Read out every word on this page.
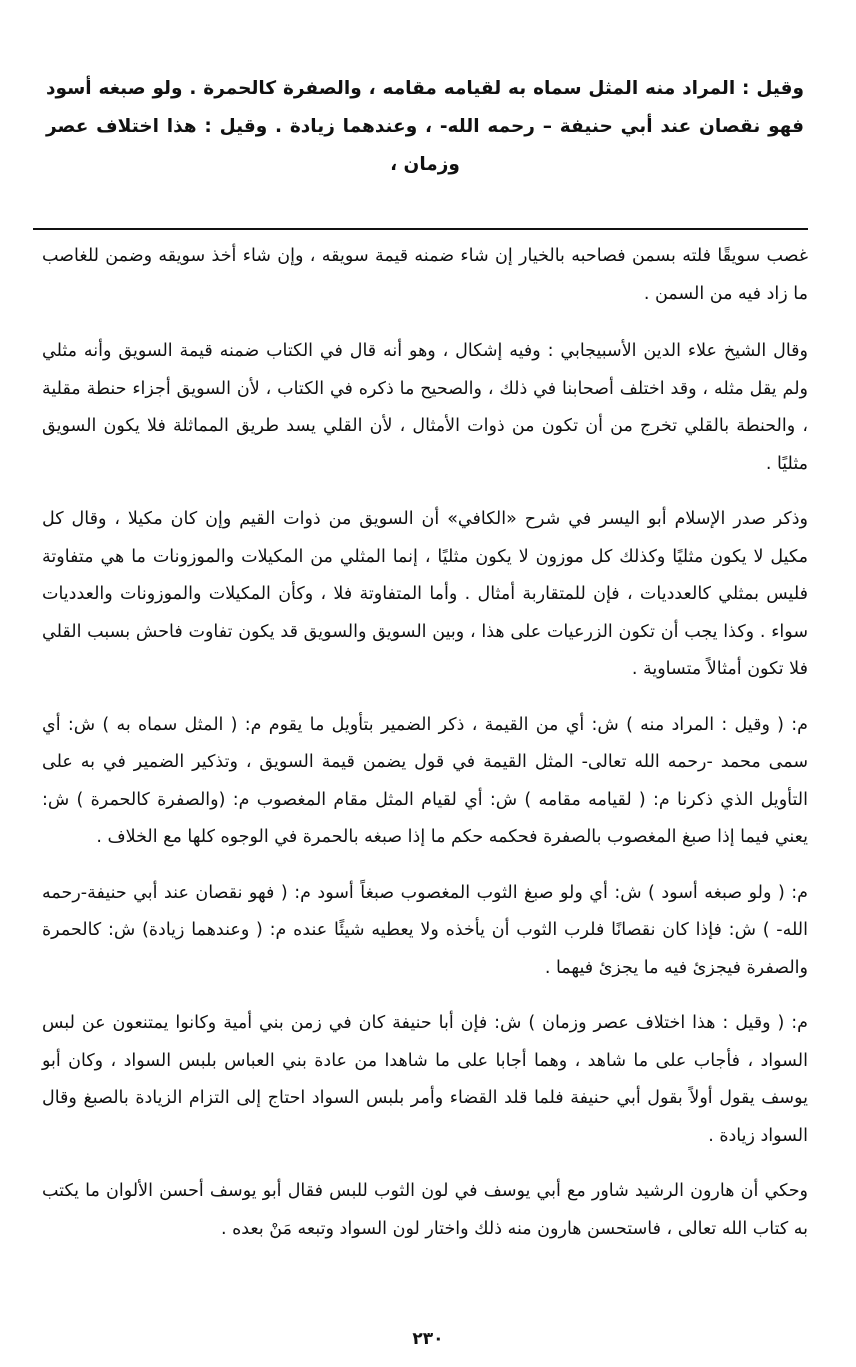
وقيل : المراد منه المثل سماه به لقيامه مقامه ، والصفرة كالحمرة . ولو صبغه أسود فهو نقصان عند أبي حنيفة – رحمه الله- ، وعندهما زيادة . وقيل : هذا اختلاف عصر وزمان ،

غصب سويقًا فلته بسمن فصاحبه بالخيار إن شاء ضمنه قيمة سويقه ، وإن شاء أخذ سويقه وضمن للغاصب ما زاد فيه من السمن .

وقال الشيخ علاء الدين الأسبيجابي : وفيه إشكال ، وهو أنه قال في الكتاب ضمنه قيمة السويق وأنه مثلي ولم يقل مثله ، وقد اختلف أصحابنا في ذلك ، والصحيح ما ذكره في الكتاب ، لأن السويق أجزاء حنطة مقلية ، والحنطة بالقلي تخرج من أن تكون من ذوات الأمثال ، لأن القلي يسد طريق المماثلة فلا يكون السويق مثليًا .

وذكر صدر الإسلام أبو اليسر في شرح «الكافي» أن السويق من ذوات القيم وإن كان مكيلا ، وقال كل مكيل لا يكون مثليًا وكذلك كل موزون لا يكون مثليًا ، إنما المثلي من المكيلات والموزونات ما هي متفاوتة فليس بمثلي كالعدديات ، فإن للمتقاربة أمثال . وأما المتفاوتة فلا ، وكأن المكيلات والموزونات والعدديات سواء . وكذا يجب أن تكون الزرعيات على هذا ، وبين السويق والسويق قد يكون تفاوت فاحش بسبب القلي فلا تكون أمثالاً متساوية .

م: ( وقيل : المراد منه ) ش: أي من القيمة ، ذكر الضمير بتأويل ما يقوم م: ( المثل سماه به ) ش: أي سمى محمد -رحمه الله تعالى- المثل القيمة في قول يضمن قيمة السويق ، وتذكير الضمير في به على التأويل الذي ذكرنا م: ( لقيامه مقامه ) ش: أي لقيام المثل مقام المغصوب م: (والصفرة كالحمرة ) ش: يعني فيما إذا صبغ المغصوب بالصفرة فحكمه حكم ما إذا صبغه بالحمرة في الوجوه كلها مع الخلاف .

م: ( ولو صبغه أسود ) ش: أي ولو صبغ الثوب المغصوب صبغاً أسود م: ( فهو نقصان عند أبي حنيفة-رحمه الله- ) ش: فإذا كان نقصانًا فلرب الثوب أن يأخذه ولا يعطيه شيئًا عنده م: ( وعندهما زيادة) ش: كالحمرة والصفرة فيجزئ فيه ما يجزئ فيهما .

م: ( وقيل : هذا اختلاف عصر وزمان ) ش: فإن أبا حنيفة كان في زمن بني أمية وكانوا يمتنعون عن لبس السواد ، فأجاب على ما شاهد ، وهما أجابا على ما شاهدا من عادة بني العباس بلبس السواد ، وكان أبو يوسف يقول أولاً بقول أبي حنيفة فلما قلد القضاء وأمر بلبس السواد احتاج إلى التزام الزيادة بالصبغ وقال السواد زيادة .

وحكي أن هارون الرشيد شاور مع أبي يوسف في لون الثوب للبس فقال أبو يوسف أحسن الألوان ما يكتب به كتاب الله تعالى ، فاستحسن هارون منه ذلك واختار لون السواد وتبعه مَنْ بعده .

٢٣٠
